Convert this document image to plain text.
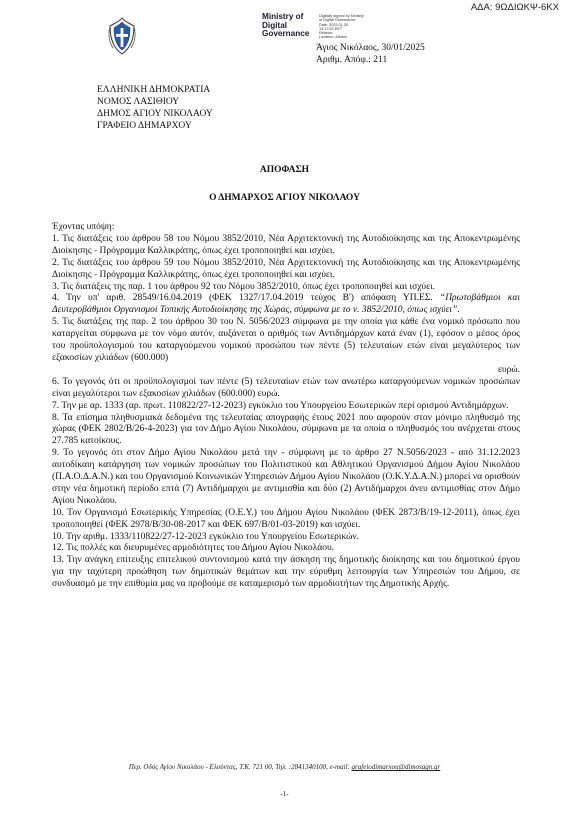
ΑΔΑ: 9ΩΔΙΩΚΨ-6ΚΧ
Ministry of
Digital
Governance
Digitally signed by Ministry
of Digital Governance
Date: 2025.01.30
13:17:52 EET
Reason:
Location: Athens
Άγιος Νικόλαος, 30/01/2025
Αριθμ. Απόφ.: 211
ΕΛΛΗΝΙΚΗ ΔΗΜΟΚΡΑΤΙΑ
ΝΟΜΟΣ ΛΑΣΙΘΙΟΥ
ΔΗΜΟΣ ΑΓΙΟΥ ΝΙΚΟΛΑΟΥ
ΓΡΑΦΕΙΟ ΔΗΜΑΡΧΟΥ
ΑΠΟΦΑΣΗ
Ο ΔΗΜΑΡΧΟΣ ΑΓΙΟΥ ΝΙΚΟΛΑΟΥ

Έχοντας υπόψη:

1. Τις διατάξεις του άρθρου 58 του Νόμου 3852/2010, Νέα Αρχιτεκτονική της Αυτοδιοίκησης και της Αποκεντρωμένης Διοίκησης - Πρόγραμμα Καλλικράτης, όπως έχει τροποποιηθεί και ισχύει.

2. Τις διατάξεις του άρθρου 59 του Νόμου 3852/2010, Νέα Αρχιτεκτονική της Αυτοδιοίκησης και της Αποκεντρωμένης Διοίκησης - Πρόγραμμα Καλλικράτης, όπως έχει τροποποιηθεί και ισχύει.

3. Τις διατάξεις της παρ. 1 του άρθρου 92 του Νόμου 3852/2010, όπως έχει τροποποιηθεί και ισχύει.

4. Την υπ' αριθ. 28549/16.04.2019 (ΦΕΚ 1327/17.04.2019 τεύχος Β') απόφαση ΥΠ.ΕΣ. “Πρωτοβάθμιοι και Δευτεροβάθμιοι Οργανισμοί Τοπικής Αυτοδιοίκησης της Χώρας, σύμφωνα με το ν. 3852/2010, όπως ισχύει”.

5. Τις διατάξεις της παρ. 2 του άρθρου 30 του Ν. 5056/2023 σύμφωνα με την οποία για κάθε ένα νομικό πρόσωπο που καταργείται σύμφωνα με τον νόμο αυτόν, αυξάνεται ο αριθμός των Αντιδημάρχων κατά έναν (1), εφόσον ο μέσος όρος του προϋπολογισμού του καταργούμενου νομικού προσώπου των πέντε (5) τελευταίων ετών είναι μεγαλύτερος των εξακοσίων χιλιάδων (600.000)

ευρώ.

6. Το γεγονός ότι οι προϋπολογισμοί των πέντε (5) τελευταίων ετών των ανωτέρω καταργούμενων νομικών προσώπων είναι μεγαλύτεροι των εξακοσίων χιλιάδων (600.000) ευρώ.

7. Την με αρ. 1333 (αρ. πρωτ. 110822/27-12-2023) εγκύκλιο του Υπουργείου Εσωτερικών περί ορισμού Αντιδημάρχων.

8. Τα επίσημα πληθυσμιακά δεδομένα της τελευταίας απογραφής έτους 2021 που αφορούν στον μόνιμο πληθυσμό της χώρας (ΦΕΚ 2802/Β/26-4-2023) για τον Δήμο Αγίου Νικολάου, σύμφωνα με τα οποία ο πληθυσμός του ανέρχεται στους 27.785 κατοίκους.

9. Το γεγονός ότι στον Δήμο Αγίου Νικολάου μετά την - σύμφωνη με το άρθρο 27 Ν.5056/2023 - από 31.12.2023 αυτοδίκαιη κατάργηση των νομικών προσώπων του Πολιτιστικού και Αθλητικού Οργανισμού Δήμου Αγίου Νικολάου (Π.Α.Ο.Δ.Α.Ν.) και του Οργανισμού Κοινωνικών Υπηρεσιών Δήμου Αγίου Νικολάου (Ο.Κ.Υ.Δ.Α.Ν.) μπορεί να ορισθούν στην νέα δημοτική περίοδο επτά (7) Αντιδήμαρχοι με αντιμισθία και δύο (2) Αντιδήμαρχοι άνευ αντιμισθίας στον Δήμο Αγίου Νικολάου.

10. Τον Οργανισμό Εσωτερικής Υπηρεσίας (Ο.Ε.Υ.) του Δήμου Αγίου Νικολάου (ΦΕΚ 2873/Β/19-12-2011), όπως έχει τροποποιηθεί (ΦΕΚ 2978/Β/30-08-2017 και ΦΕΚ 697/Β/01-03-2019) και ισχύει.

10. Την αριθμ. 1333/110822/27-12-2023 εγκύκλιο του Υπουργείου Εσωτερικών.

12. Τις πολλές και διευρυμένες αρμοδιότητες του Δήμου Αγίου Νικολάου.

13. Την ανάγκη επίτευξης επιτελικού συντονισμού κατά την άσκηση της δημοτικής διοίκησης και του δημοτικού έργου για την ταχύτερη προώθηση των δημοτικών θεμάτων και την εύρυθμη λειτουργία των Υπηρεσιών του Δήμου, σε συνδυασμό με την επιθυμία μας να προβούμε σε καταμερισμό των αρμοδιοτήτων της Δημοτικής Αρχής.

Περ. Οδός Αγίου Νικολάου - Ελούντας, Τ.Κ. 721 00, Τηλ. :2841340100, e-mail: grafeiodimarxou@dimosagn.gr
-1-
